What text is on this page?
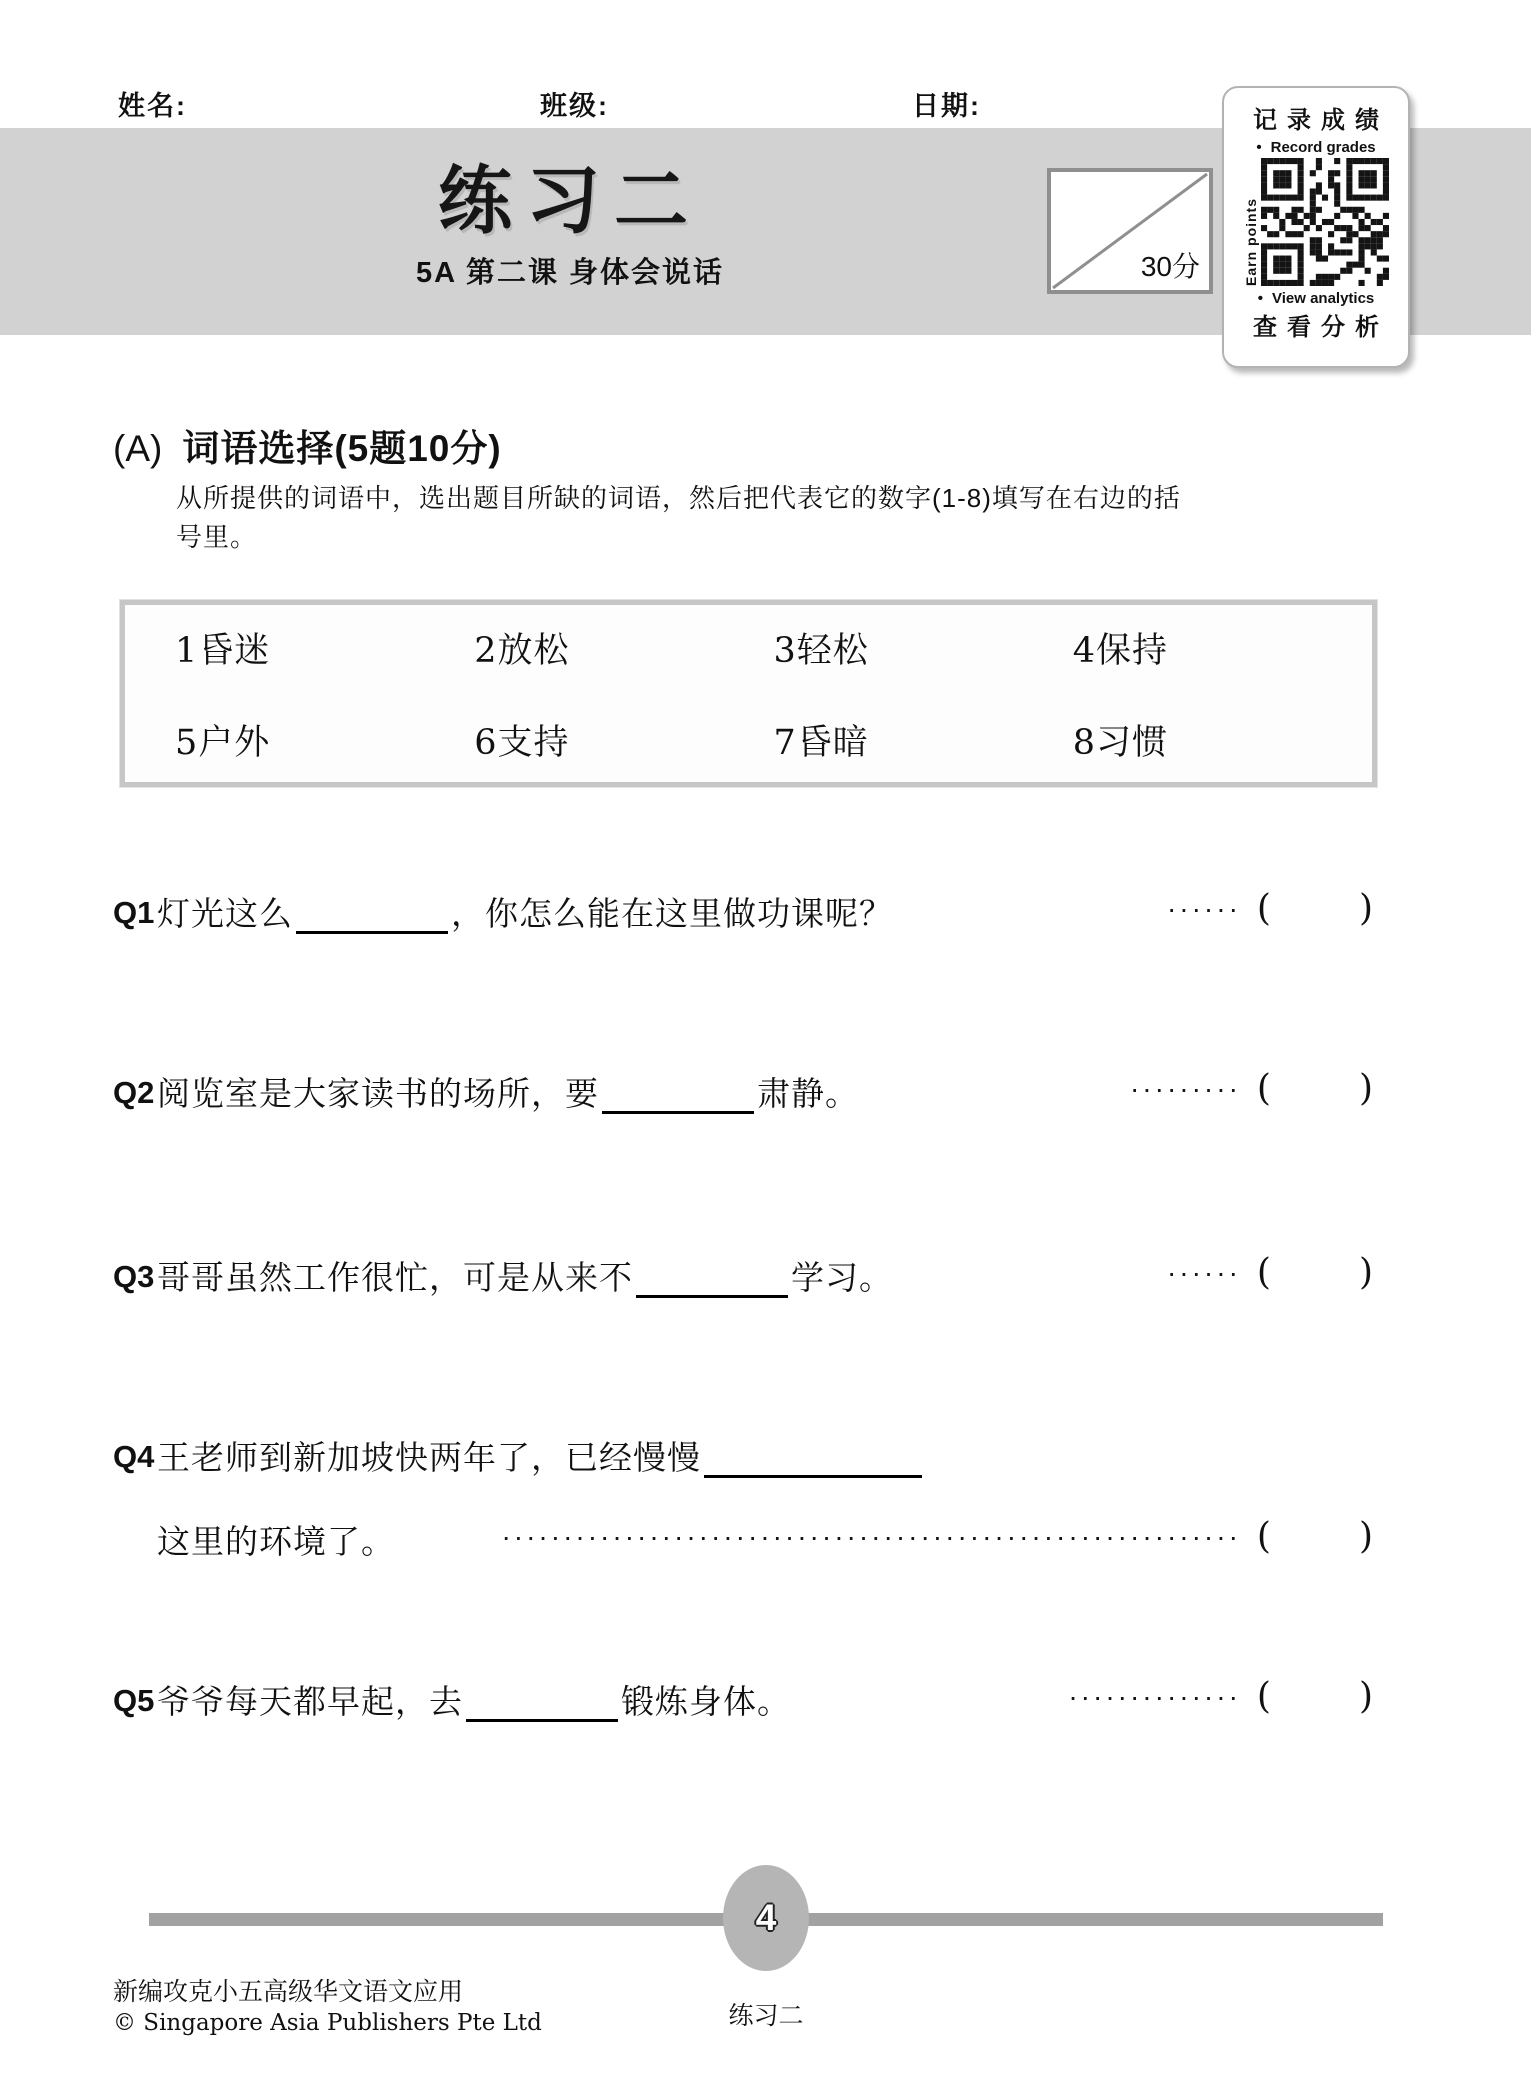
姓名:	班级:	日期:
练习二
5A 第二课 身体会说话	30分
记录成绩
• Record grades
Earn points
• View analytics
查看分析
(A) 词语选择(5题10分)
从所提供的词语中，选出题目所缺的词语，然后把代表它的数字(1-8)填写在右边的括
号里。
1昏迷	2放松	3轻松	4保持
5户外	6支持	7昏暗	8习惯
Q1灯光这么	，你怎么能在这里做功课呢？	······ ( )
Q2阅览室是大家读书的场所，要	肃静。	········· ( )
Q3哥哥虽然工作很忙，可是从来不	学习。	······ ( )
Q4王老师到新加坡快两年了，已经慢慢
这里的环境了。	···························································· ( )
Q5爷爷每天都早起，去	锻炼身体。	·············· ( )
4
练习二
新编攻克小五高级华文语文应用
© Singapore Asia Publishers Pte Ltd
